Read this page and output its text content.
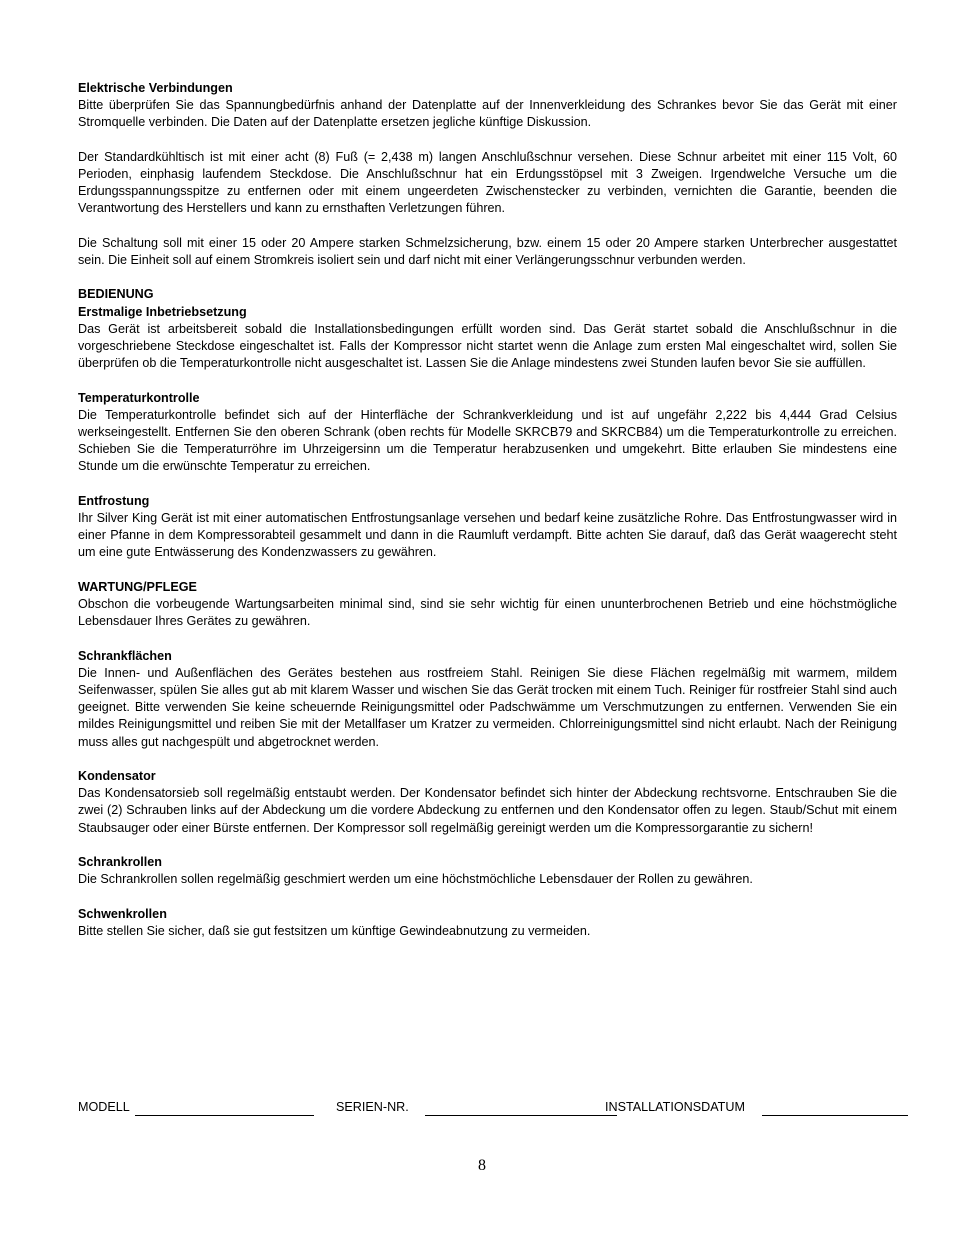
Elektrische Verbindungen

Bitte überprüfen Sie das Spannungbedürfnis anhand der Datenplatte auf der Innenverkleidung des Schrankes bevor Sie das Gerät mit einer Stromquelle verbinden. Die Daten auf der Datenplatte ersetzen jegliche künftige Diskussion.

Der Standardkühltisch ist mit einer acht (8) Fuß (= 2,438 m) langen Anschlußschnur versehen. Diese Schnur arbeitet mit einer 115 Volt, 60 Perioden, einphasig laufendem Steckdose. Die Anschlußschnur hat ein Erdungsstöpsel mit 3 Zweigen. Irgendwelche Versuche um die Erdungsspannungsspitze zu entfernen oder mit einem ungeerdeten Zwischenstecker zu verbinden, vernichten die Garantie, beenden die Verantwortung des Herstellers und kann zu ernsthaften Verletzungen führen.

Die Schaltung soll mit einer 15 oder 20 Ampere starken Schmelzsicherung, bzw. einem 15 oder 20 Ampere starken Unterbrecher ausgestattet sein. Die Einheit soll auf einem Stromkreis isoliert sein und darf nicht mit einer Verlängerungsschnur verbunden werden.

BEDIENUNG

Erstmalige Inbetriebsetzung

Das Gerät ist arbeitsbereit sobald die Installationsbedingungen erfüllt worden sind. Das Gerät startet sobald die Anschlußschnur in die vorgeschriebene Steckdose eingeschaltet ist. Falls der Kompressor nicht startet wenn die Anlage zum ersten Mal eingeschaltet wird, sollen Sie überprüfen ob die Temperaturkontrolle nicht ausgeschaltet ist. Lassen Sie die Anlage mindestens zwei Stunden laufen bevor Sie sie auffüllen.

Temperaturkontrolle

Die Temperaturkontrolle befindet sich auf der Hinterfläche der Schrankverkleidung und ist auf ungefähr 2,222 bis 4,444 Grad Celsius werkseingestellt. Entfernen Sie den oberen Schrank (oben rechts für Modelle SKRCB79 and SKRCB84) um die Temperaturkontrolle zu erreichen. Schieben Sie die Temperaturröhre im Uhrzeigersinn um die Temperatur herabzusenken und umgekehrt. Bitte erlauben Sie mindestens eine Stunde um die erwünschte Temperatur zu erreichen.

Entfrostung

Ihr Silver King Gerät ist mit einer automatischen Entfrostungsanlage versehen und bedarf keine zusätzliche Rohre. Das Entfrostungwasser wird in einer Pfanne in dem Kompressorabteil gesammelt und dann in die Raumluft verdampft. Bitte achten Sie darauf, daß das Gerät waagerecht steht um eine gute Entwässerung des Kondenzwassers zu gewähren.

WARTUNG/PFLEGE

Obschon die vorbeugende Wartungsarbeiten minimal sind, sind sie sehr wichtig für einen ununterbrochenen Betrieb und eine höchstmögliche Lebensdauer Ihres Gerätes zu gewähren.

Schrankflächen

Die Innen- und Außenflächen des Gerätes bestehen aus rostfreiem Stahl. Reinigen Sie diese Flächen regelmäßig mit warmem, mildem Seifenwasser, spülen Sie alles gut ab mit klarem Wasser und wischen Sie das Gerät trocken mit einem Tuch. Reiniger für rostfreier Stahl sind auch geeignet. Bitte verwenden Sie keine scheuernde Reinigungsmittel oder Padschwämme um Verschmutzungen zu entfernen. Verwenden Sie ein mildes Reinigungsmittel und reiben Sie mit der Metallfaser um Kratzer zu vermeiden. Chlorreinigungsmittel sind nicht erlaubt. Nach der Reinigung muss alles gut nachgespült und abgetrocknet werden.

Kondensator

Das Kondensatorsieb soll regelmäßig entstaubt werden. Der Kondensator befindet sich hinter der Abdeckung rechtsvorne. Entschrauben Sie die zwei (2) Schrauben links auf der Abdeckung um die vordere Abdeckung zu entfernen und den Kondensator offen zu legen. Staub/Schut mit einem Staubsauger oder einer Bürste entfernen. Der Kompressor soll regelmäßig gereinigt werden um die Kompressorgarantie zu sichern!

Schrankrollen

Die Schrankrollen sollen regelmäßig geschmiert werden um eine höchstmöchliche Lebensdauer der Rollen zu gewähren.

Schwenkrollen

Bitte stellen Sie sicher, daß sie gut festsitzen um künftige Gewindeabnutzung zu vermeiden.

MODELL	SERIEN-NR.	INSTALLATIONSDATUM
8
